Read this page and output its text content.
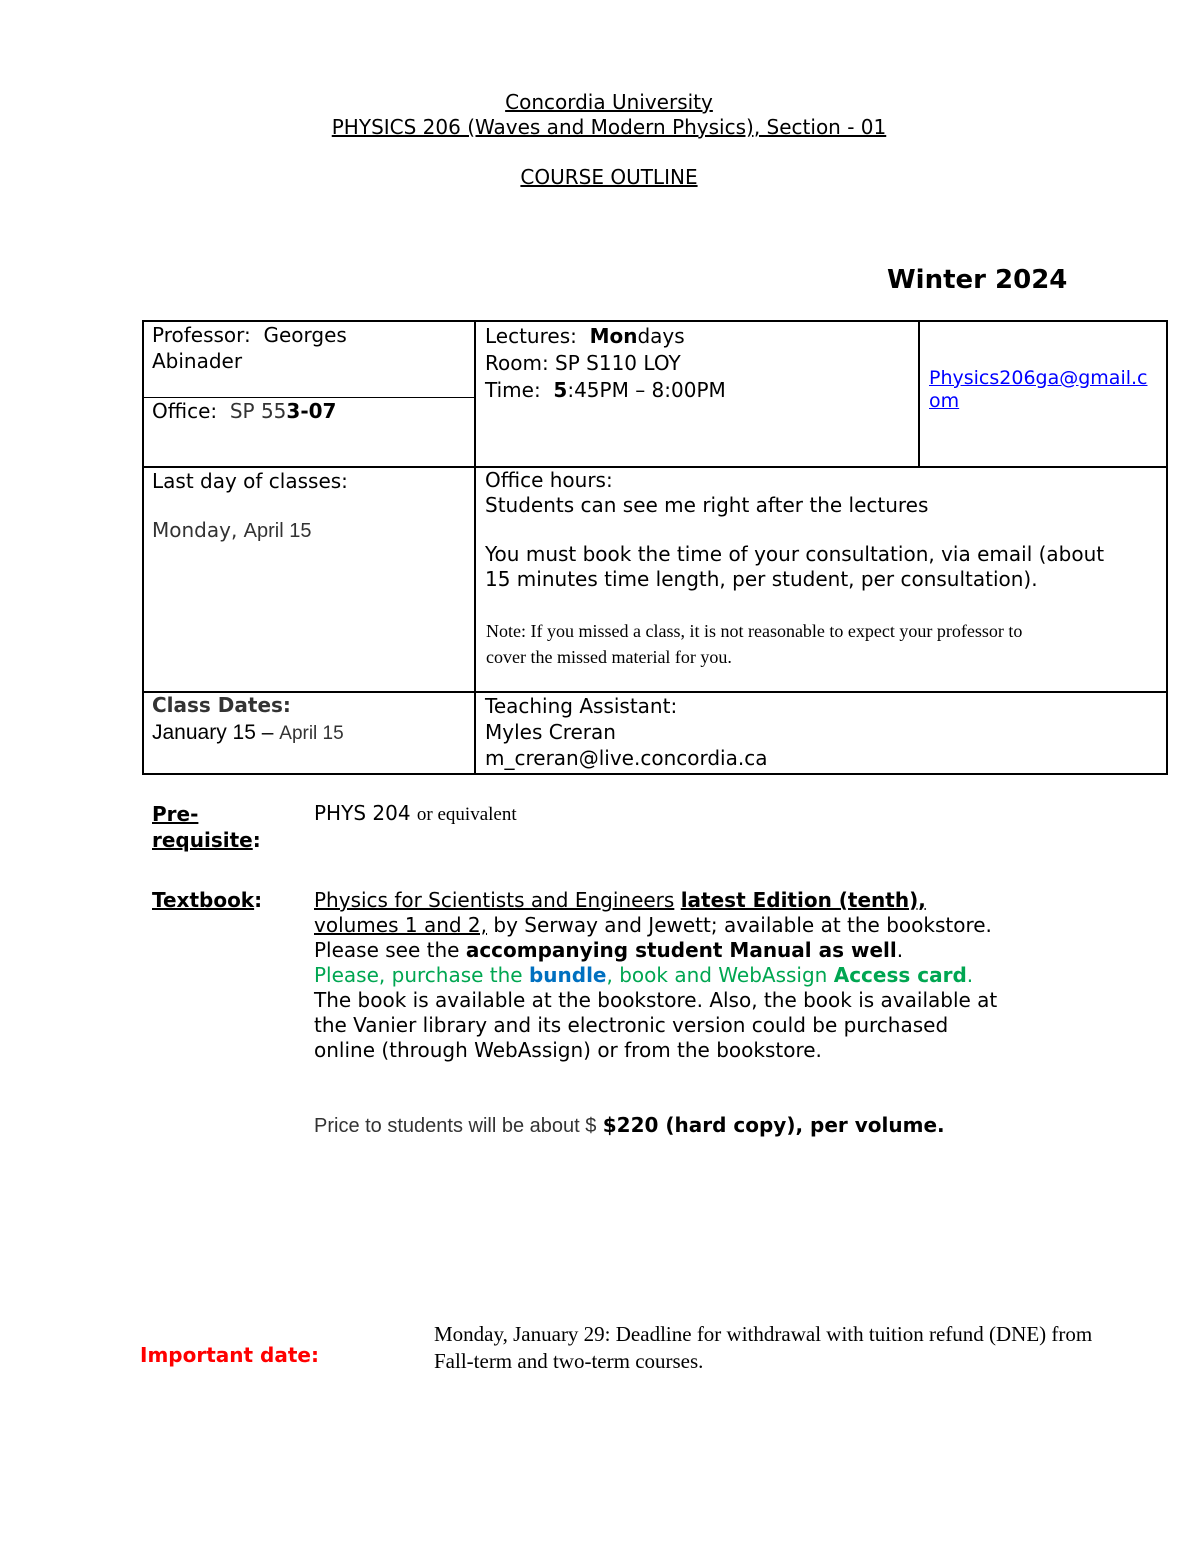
Concordia University
PHYSICS 206 (Waves and Modern Physics), Section - 01
COURSE OUTLINE
Winter 2024
Professor: Georges
Abinader
Office: SP 553-07
Lectures: Mondays
Room: SP S110 LOY
Time: 5:45PM – 8:00PM	Physics206ga@gmail.c
om
Last day of classes:
Monday, April 15
Office hours:
Students can see me right after the lectures
You must book the time of your consultation, via email (about
15 minutes time length, per student, per consultation).
Note: If you missed a class, it is not reasonable to expect your professor to
cover the missed material for you.
Class Dates:
January 15 – April 15
Teaching Assistant:
Myles Creran
m_creran@live.concordia.ca
Pre-
requisite:
PHYS 204 or equivalent
Textbook:	Physics for Scientists and Engineers latest Edition (tenth),
volumes 1 and 2, by Serway and Jewett; available at the bookstore.
Please see the accompanying student Manual as well.
Please, purchase the bundle, book and WebAssign Access card.
The book is available at the bookstore. Also, the book is available at
the Vanier library and its electronic version could be purchased
online (through WebAssign) or from the bookstore.
Price to students will be about $ $220 (hard copy), per volume.
Important date:
Monday, January 29: Deadline for withdrawal with tuition refund (DNE) from
Fall-term and two-term courses.
